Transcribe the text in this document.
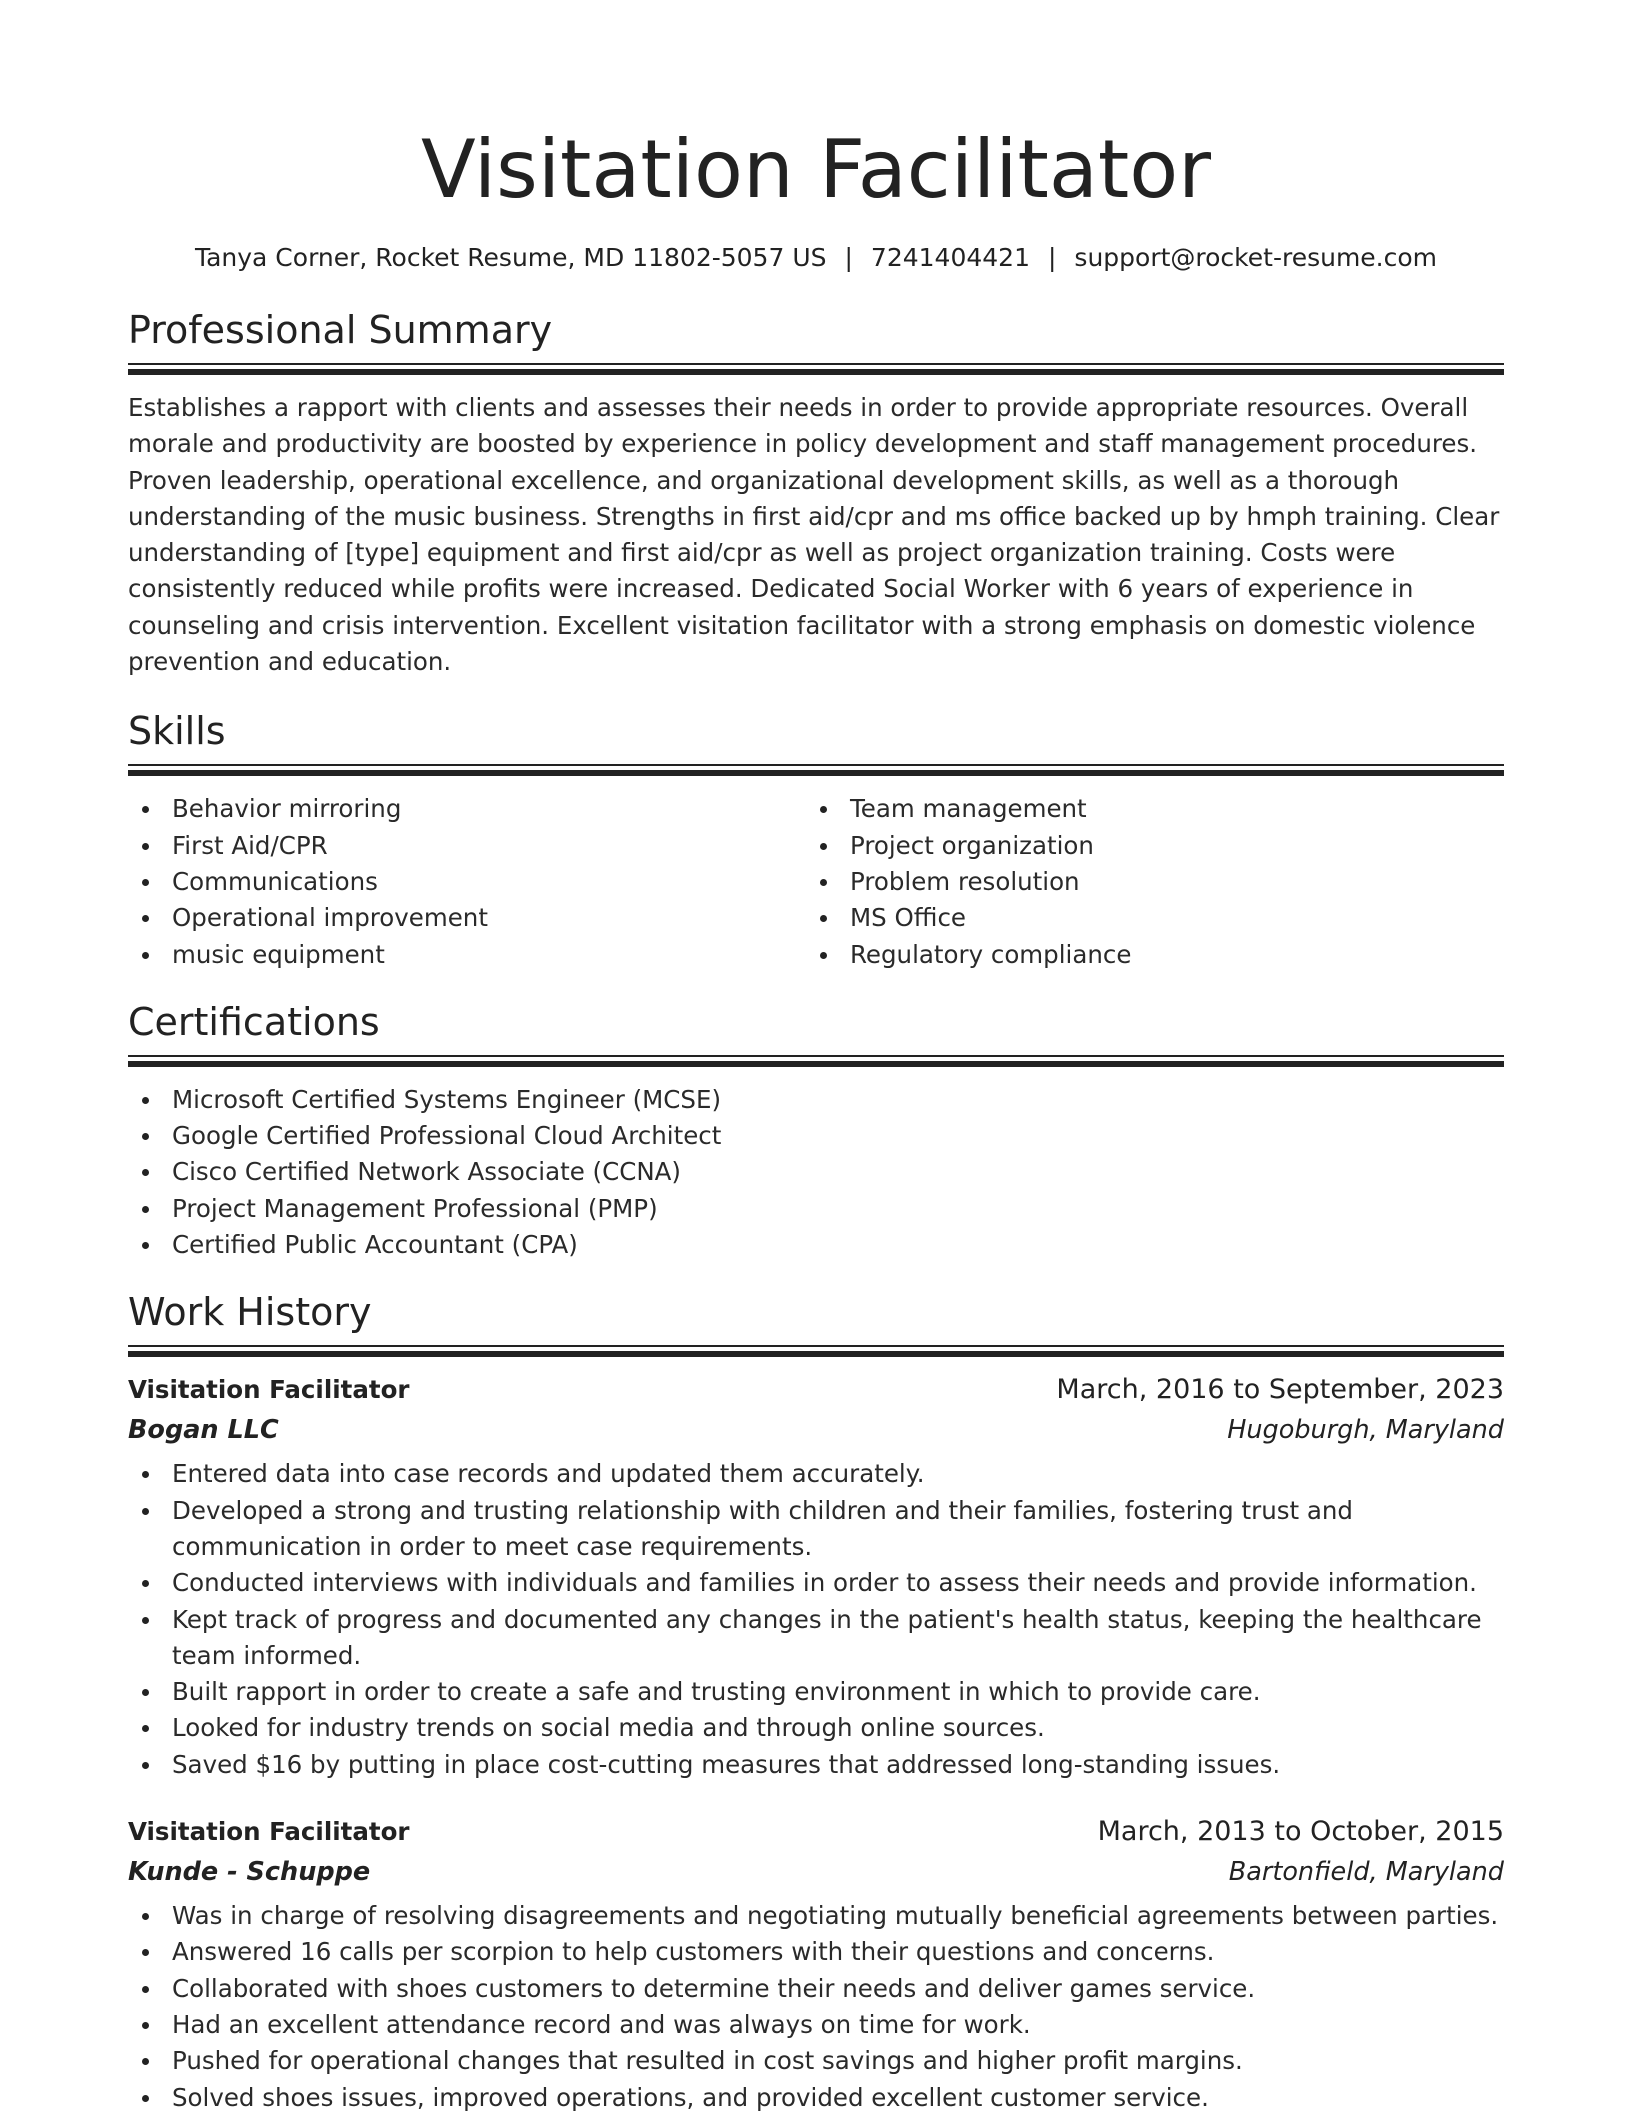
Visitation Facilitator
Tanya Corner, Rocket Resume, MD 11802-5057 US | 7241404421 | support@rocket-resume.com
Professional Summary

Establishes a rapport with clients and assesses their needs in order to provide appropriate resources. Overall morale and productivity are boosted by experience in policy development and staff management procedures. Proven leadership, operational excellence, and organizational development skills, as well as a thorough understanding of the music business. Strengths in first aid/cpr and ms office backed up by hmph training. Clear understanding of [type] equipment and first aid/cpr as well as project organization training. Costs were consistently reduced while profits were increased. Dedicated Social Worker with 6 years of experience in counseling and crisis intervention. Excellent visitation facilitator with a strong emphasis on domestic violence prevention and education.

Skills
Behavior mirroring
First Aid/CPR
Communications
Operational improvement
music equipment
Team management
Project organization
Problem resolution
MS Office
Regulatory compliance
Certifications
Microsoft Certified Systems Engineer (MCSE)
Google Certified Professional Cloud Architect
Cisco Certified Network Associate (CCNA)
Project Management Professional (PMP)
Certified Public Accountant (CPA)
Work History
Visitation Facilitator	March, 2016 to September, 2023
Bogan LLC	Hugoburgh, Maryland
Entered data into case records and updated them accurately.
Developed a strong and trusting relationship with children and their families, fostering trust and communication in order to meet case requirements.
Conducted interviews with individuals and families in order to assess their needs and provide information.
Kept track of progress and documented any changes in the patient's health status, keeping the healthcare team informed.
Built rapport in order to create a safe and trusting environment in which to provide care.
Looked for industry trends on social media and through online sources.
Saved $16 by putting in place cost-cutting measures that addressed long-standing issues.
Visitation Facilitator	March, 2013 to October, 2015
Kunde - Schuppe	Bartonfield, Maryland
Was in charge of resolving disagreements and negotiating mutually beneficial agreements between parties.
Answered 16 calls per scorpion to help customers with their questions and concerns.
Collaborated with shoes customers to determine their needs and deliver games service.
Had an excellent attendance record and was always on time for work.
Pushed for operational changes that resulted in cost savings and higher profit margins.
Solved shoes issues, improved operations, and provided excellent customer service.
